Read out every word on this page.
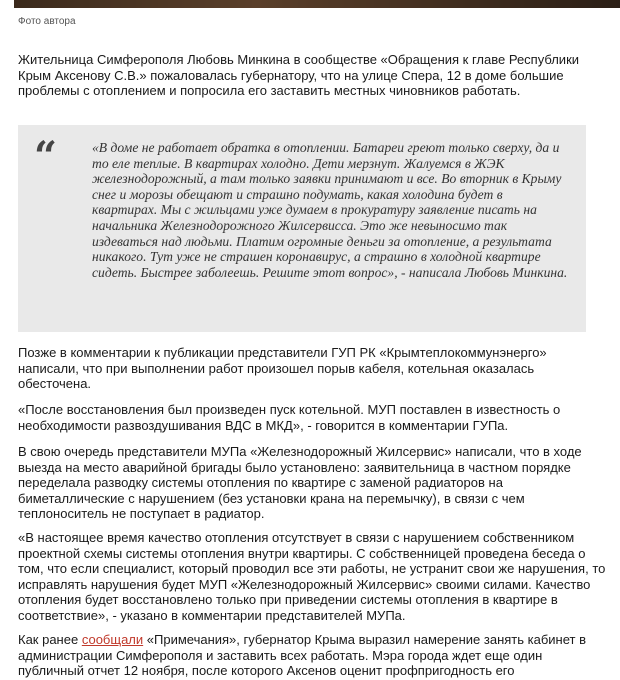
Фото автора
Жительница Симферополя Любовь Минкина в сообществе «Обращения к главе Республики Крым Аксенову С.В.» пожаловалась губернатору, что на улице Спера, 12 в доме большие проблемы с отоплением и попросила его заставить местных чиновников работать.
“	«В доме не работает обратка в отоплении. Батареи греют только сверху, да и то еле теплые. В квартирах холодно. Дети мерзнут. Жалуемся в ЖЭК железнодорожный, а там только заявки принимают и все. Во вторник в Крыму снег и морозы обещают и страшно подумать, какая холодина будет в квартирах. Мы с жильцами уже думаем в прокуратуру заявление писать на начальника Железнодорожного Жилсервисса. Это же невыносимо так издеваться над людьми. Платим огромные деньги за отопление, а результата никакого. Тут уже не страшен коронавирус, а страшно в холодной квартире сидеть. Быстрее заболеешь. Решите этот вопрос», - написала Любовь Минкина.
Позже в комментарии к публикации представители ГУП РК «Крымтеплокоммунэнерго» написали, что при выполнении работ произошел порыв кабеля, котельная оказалась обесточена.
«После восстановления был произведен пуск котельной. МУП поставлен в известность о необходимости развоздушивания ВДС в МКД», - говорится в комментарии ГУПа.
В свою очередь представители МУПа «Железнодорожный Жилсервис» написали, что в ходе выезда на место аварийной бригады было установлено: заявительница в частном порядке переделала разводку системы отопления по квартире с заменой радиаторов на биметаллические с нарушением (без установки крана на перемычку), в связи с чем теплоноситель не поступает в радиатор.
«В настоящее время качество отопления отсутствует в связи с нарушением собственником проектной схемы системы отопления внутри квартиры. С собственницей проведена беседа о том, что если специалист, который проводил все эти работы, не устранит свои же нарушения, то исправлять нарушения будет МУП «Железнодорожный Жилсервис» своими силами. Качество отопления будет восстановлено только при приведении системы отопления в квартире в соответствие», - указано в комментарии представителей МУПа.
Как ранее сообщали «Примечания», губернатор Крыма выразил намерение занять кабинет в администрации Симферополя и заставить всех работать. Мэра города ждет еще один публичный отчет 12 ноября, после которого Аксенов оценит профпригодность его
